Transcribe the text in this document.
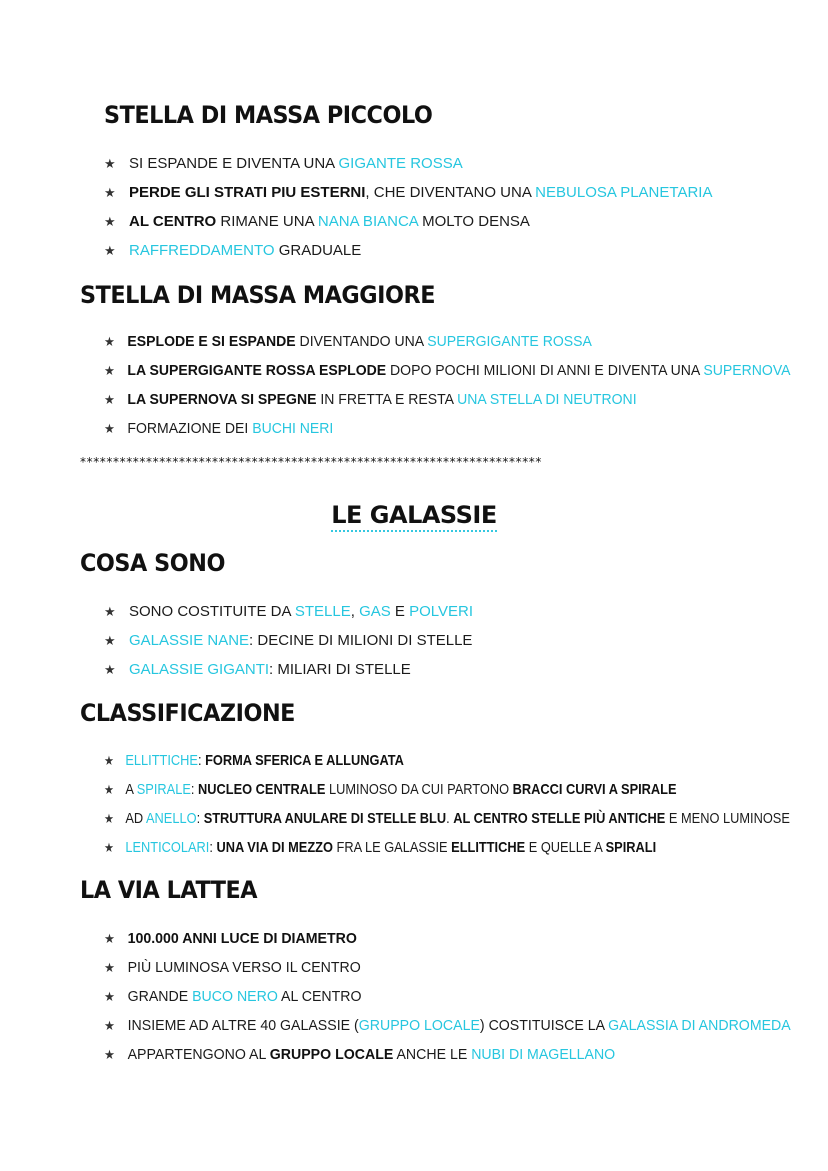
STELLA DI MASSA PICCOLO
★ SI ESPANDE E DIVENTA UNA GIGANTE ROSSA
★ PERDE GLI STRATI PIU ESTERNI, CHE DIVENTANO UNA NEBULOSA PLANETARIA
★ AL CENTRO RIMANE UNA NANA BIANCA MOLTO DENSA
★ RAFFREDDAMENTO GRADUALE
STELLA DI MASSA MAGGIORE
★ ESPLODE E SI ESPANDE DIVENTANDO UNA SUPERGIGANTE ROSSA
★ LA SUPERGIGANTE ROSSA ESPLODE DOPO POCHI MILIONI DI ANNI E DIVENTA UNA SUPERNOVA
★ LA SUPERNOVA SI SPEGNE IN FRETTA E RESTA UNA STELLA DI NEUTRONI
★ FORMAZIONE DEI BUCHI NERI
**********************************************************************
LE GALASSIE
COSA SONO
★ SONO COSTITUITE DA STELLE, GAS E POLVERI
★ GALASSIE NANE: DECINE DI MILIONI DI STELLE
★ GALASSIE GIGANTI: MILIARI DI STELLE
CLASSIFICAZIONE
★ ELLITTICHE: FORMA SFERICA E ALLUNGATA
★ A SPIRALE: NUCLEO CENTRALE LUMINOSO DA CUI PARTONO BRACCI CURVI A SPIRALE
★ AD ANELLO: STRUTTURA ANULARE DI STELLE BLU. AL CENTRO STELLE PIÙ ANTICHE E MENO LUMINOSE
★ LENTICOLARI: UNA VIA DI MEZZO FRA LE GALASSIE ELLITTICHE E QUELLE A SPIRALI
LA VIA LATTEA
★ 100.000 ANNI LUCE DI DIAMETRO
★ PIÙ LUMINOSA VERSO IL CENTRO
★ GRANDE BUCO NERO AL CENTRO
★ INSIEME AD ALTRE 40 GALASSIE (GRUPPO LOCALE) COSTITUISCE LA GALASSIA DI ANDROMEDA
★ APPARTENGONO AL GRUPPO LOCALE ANCHE LE NUBI DI MAGELLANO
